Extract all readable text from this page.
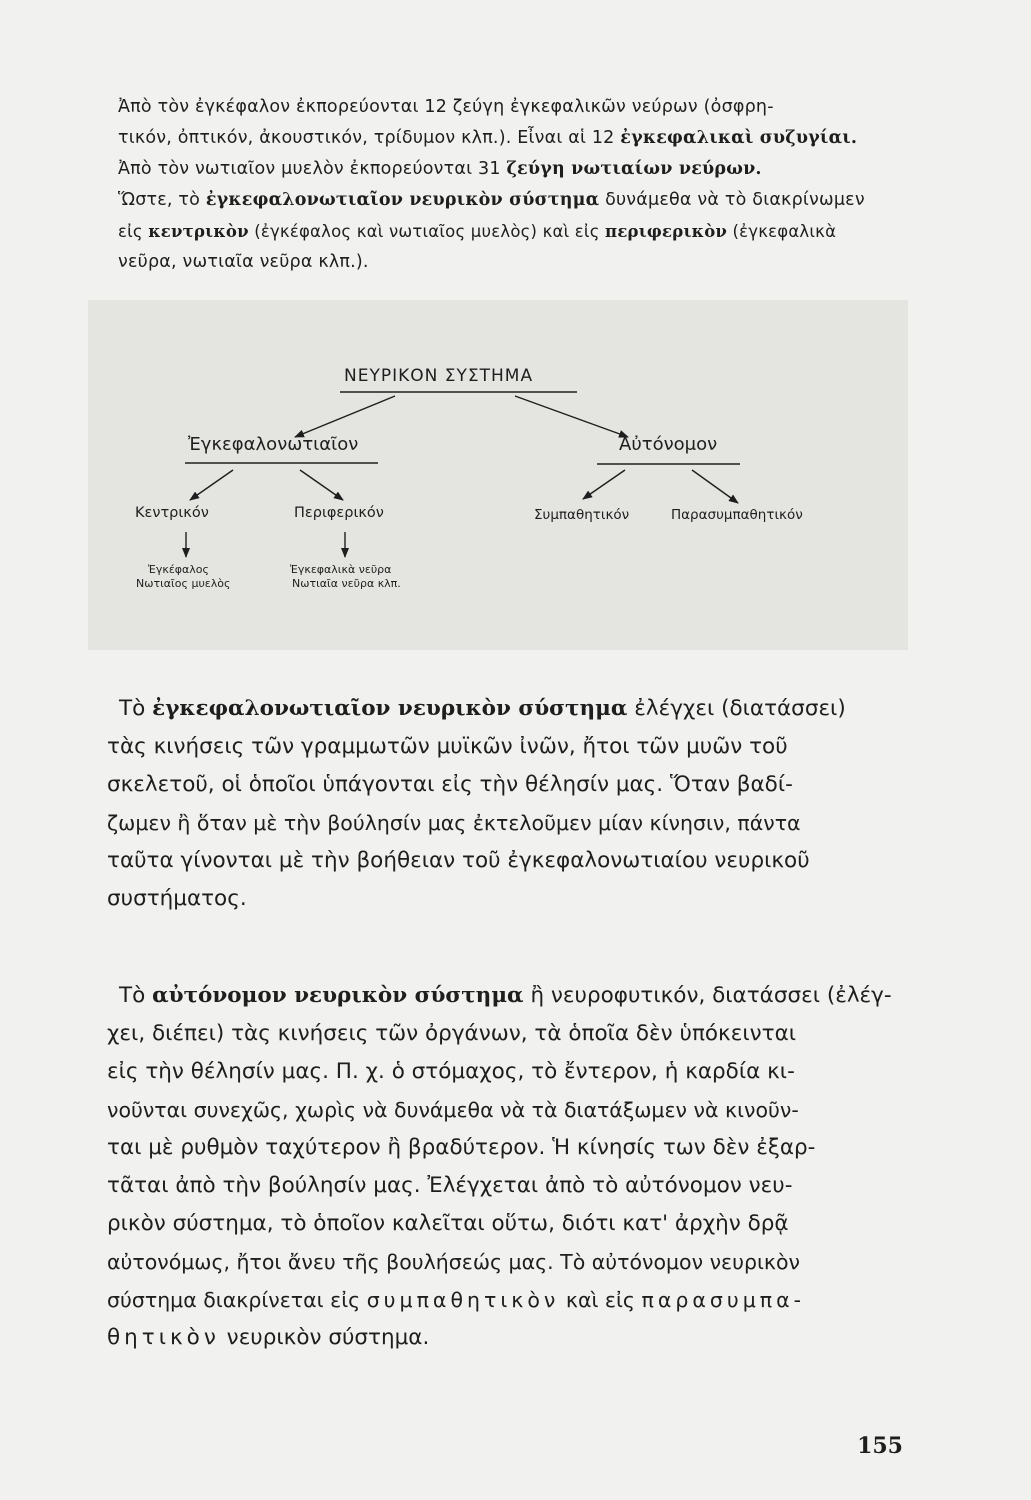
Ἀπὸ τὸν ἐγκέφαλον ἐκπορεύονται 12 ζεύγη ἐγκεφαλικῶν νεύρων (ὀσφρη-
τικόν, ὀπτικόν, ἀκουστικόν, τρίδυμον κλπ.). Εἶναι αἱ 12 ἐγκεφαλικαὶ συζυγίαι.
Ἀπὸ τὸν νωτιαῖον μυελὸν ἐκπορεύονται 31 ζεύγη νωτιαίων νεύρων.
Ὥστε, τὸ ἐγκεφαλονωτιαῖον νευρικὸν σύστημα δυνάμεθα νὰ τὸ διακρίνωμεν
εἰς κεντρικὸν (ἐγκέφαλος καὶ νωτιαῖος μυελὸς) καὶ εἰς περιφερικὸν (ἐγκεφαλικὰ
νεῦρα, νωτιαῖα νεῦρα κλπ.).
ΝΕΥΡΙΚΟΝ ΣΥΣΤΗΜΑ
Ἐγκεφαλονωτιαῖον	Αὐτόνομον
Κεντρικόν	Περιφερικόν	Συμπαθητικόν	Παρασυμπαθητικόν
Ἐγκέφαλος
Νωτιαῖος μυελὸς
Ἐγκεφαλικὰ νεῦρα
Νωτιαῖα νεῦρα κλπ.
Τὸ ἐγκεφαλονωτιαῖον νευρικὸν σύστημα ἐλέγχει (διατάσσει)
τὰς κινήσεις τῶν γραμμωτῶν μυϊκῶν ἰνῶν, ἤτοι τῶν μυῶν τοῦ
σκελετοῦ, οἱ ὁποῖοι ὑπάγονται εἰς τὴν θέλησίν μας. Ὅταν βαδί-
ζωμεν ἢ ὅταν μὲ τὴν βούλησίν μας ἐκτελοῦμεν μίαν κίνησιν, πάντα
ταῦτα γίνονται μὲ τὴν βοήθειαν τοῦ ἐγκεφαλονωτιαίου νευρικοῦ
συστήματος.
Τὸ αὐτόνομον νευρικὸν σύστημα ἢ νευροφυτικόν, διατάσσει (ἐλέγ-
χει, διέπει) τὰς κινήσεις τῶν ὀργάνων, τὰ ὁποῖα δὲν ὑπόκεινται
εἰς τὴν θέλησίν μας. Π. χ. ὁ στόμαχος, τὸ ἔντερον, ἡ καρδία κι-
νοῦνται συνεχῶς, χωρὶς νὰ δυνάμεθα νὰ τὰ διατάξωμεν νὰ κινοῦν-
ται μὲ ρυθμὸν ταχύτερον ἢ βραδύτερον. Ἡ κίνησίς των δὲν ἐξαρ-
τᾶται ἀπὸ τὴν βούλησίν μας. Ἐλέγχεται ἀπὸ τὸ αὐτόνομον νευ-
ρικὸν σύστημα, τὸ ὁποῖον καλεῖται οὕτω, διότι κατ' ἀρχὴν δρᾷ
αὐτονόμως, ἤτοι ἄνευ τῆς βουλήσεώς μας. Τὸ αὐτόνομον νευρικὸν
σύστημα διακρίνεται εἰς συμπαθητικὸν καὶ εἰς παρασυμπα-
θητικὸν νευρικὸν σύστημα.
155
